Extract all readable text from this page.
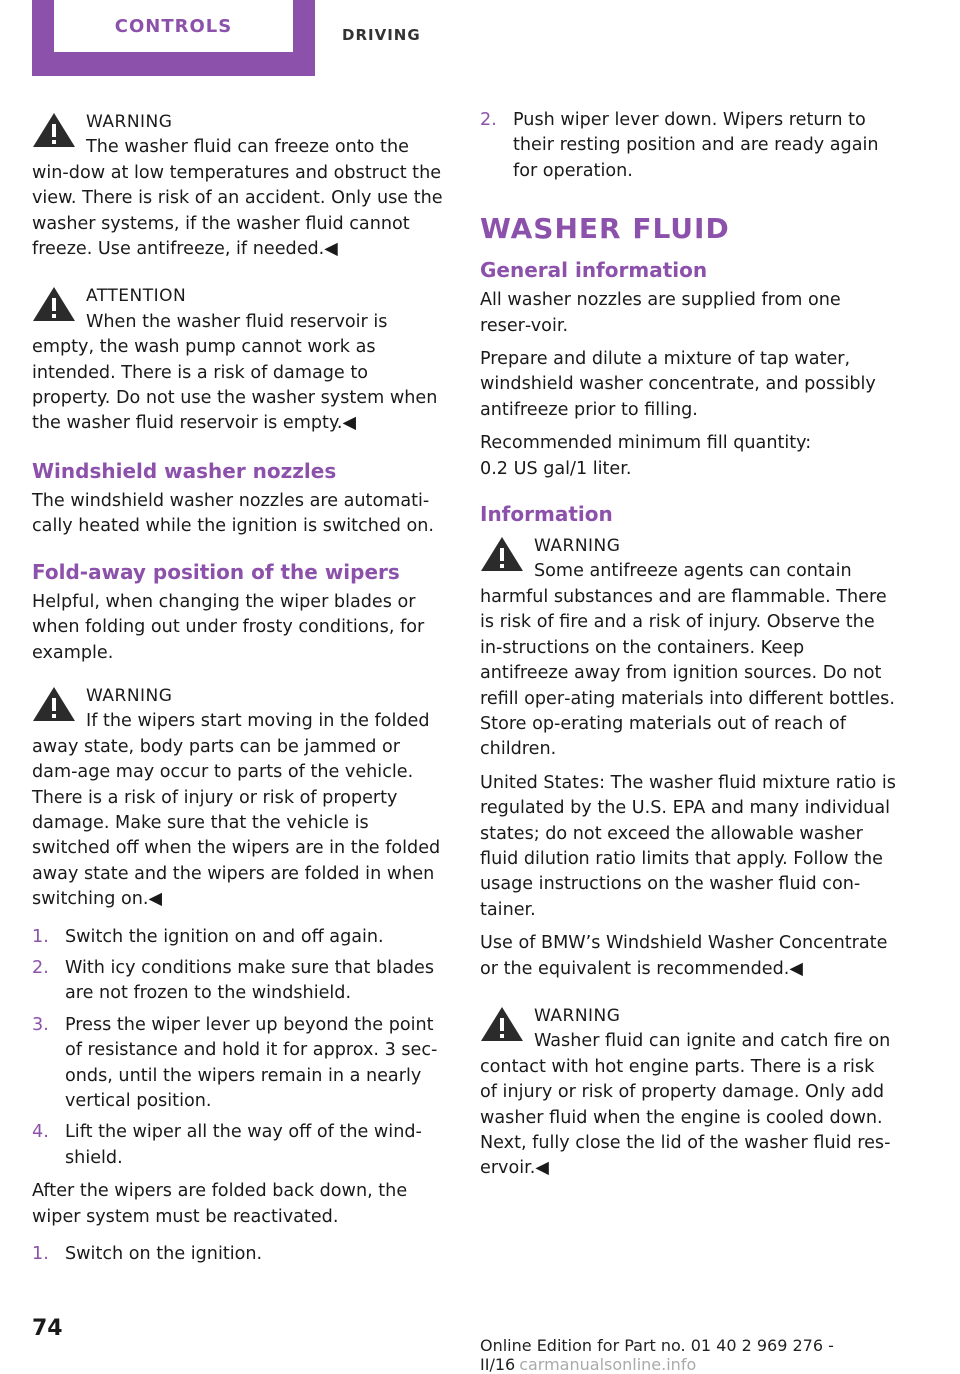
CONTROLS	DRIVING
WARNING
The washer fluid can freeze onto the win‐dow at low temperatures and obstruct the view. There is risk of an accident. Only use the washer systems, if the washer fluid cannot freeze. Use antifreeze, if needed.◀
ATTENTION
When the washer fluid reservoir is empty, the wash pump cannot work as intended. There is a risk of damage to property. Do not use the washer system when the washer fluid reservoir is empty.◀
Windshield washer nozzles

The windshield washer nozzles are automati‐cally heated while the ignition is switched on.

Fold-away position of the wipers

Helpful, when changing the wiper blades or when folding out under frosty conditions, for example.

WARNING
If the wipers start moving in the folded away state, body parts can be jammed or dam‐age may occur to parts of the vehicle. There is a risk of injury or risk of property damage. Make sure that the vehicle is switched off when the wipers are in the folded away state and the wipers are folded in when switching on.◀
1. Switch the ignition on and off again.
2. With icy conditions make sure that blades are not frozen to the windshield.
3. Press the wiper lever up beyond the point of resistance and hold it for approx. 3 sec‐onds, until the wipers remain in a nearly vertical position.
4. Lift the wiper all the way off of the wind‐shield.

After the wipers are folded back down, the wiper system must be reactivated.

1. Switch on the ignition.
2. Push wiper lever down. Wipers return to their resting position and are ready again for operation.
WASHER FLUID
General information

All washer nozzles are supplied from one reser‐voir.

Prepare and dilute a mixture of tap water, windshield washer concentrate, and possibly antifreeze prior to filling.

Recommended minimum fill quantity:
0.2 US gal/1 liter.

Information
WARNING
Some antifreeze agents can contain harmful substances and are flammable. There is risk of fire and a risk of injury. Observe the in‐structions on the containers. Keep antifreeze away from ignition sources. Do not refill oper‐ating materials into different bottles. Store op‐erating materials out of reach of children.

United States: The washer fluid mixture ratio is regulated by the U.S. EPA and many individual states; do not exceed the allowable washer fluid dilution ratio limits that apply. Follow the usage instructions on the washer fluid con‐tainer.

Use of BMW’s Windshield Washer Concentrate or the equivalent is recommended.◀

WARNING
Washer fluid can ignite and catch fire on contact with hot engine parts. There is a risk of injury or risk of property damage. Only add washer fluid when the engine is cooled down. Next, fully close the lid of the washer fluid res‐ervoir.◀
74
Online Edition for Part no. 01 40 2 969 276 - II/16 carmanualsonline.info
